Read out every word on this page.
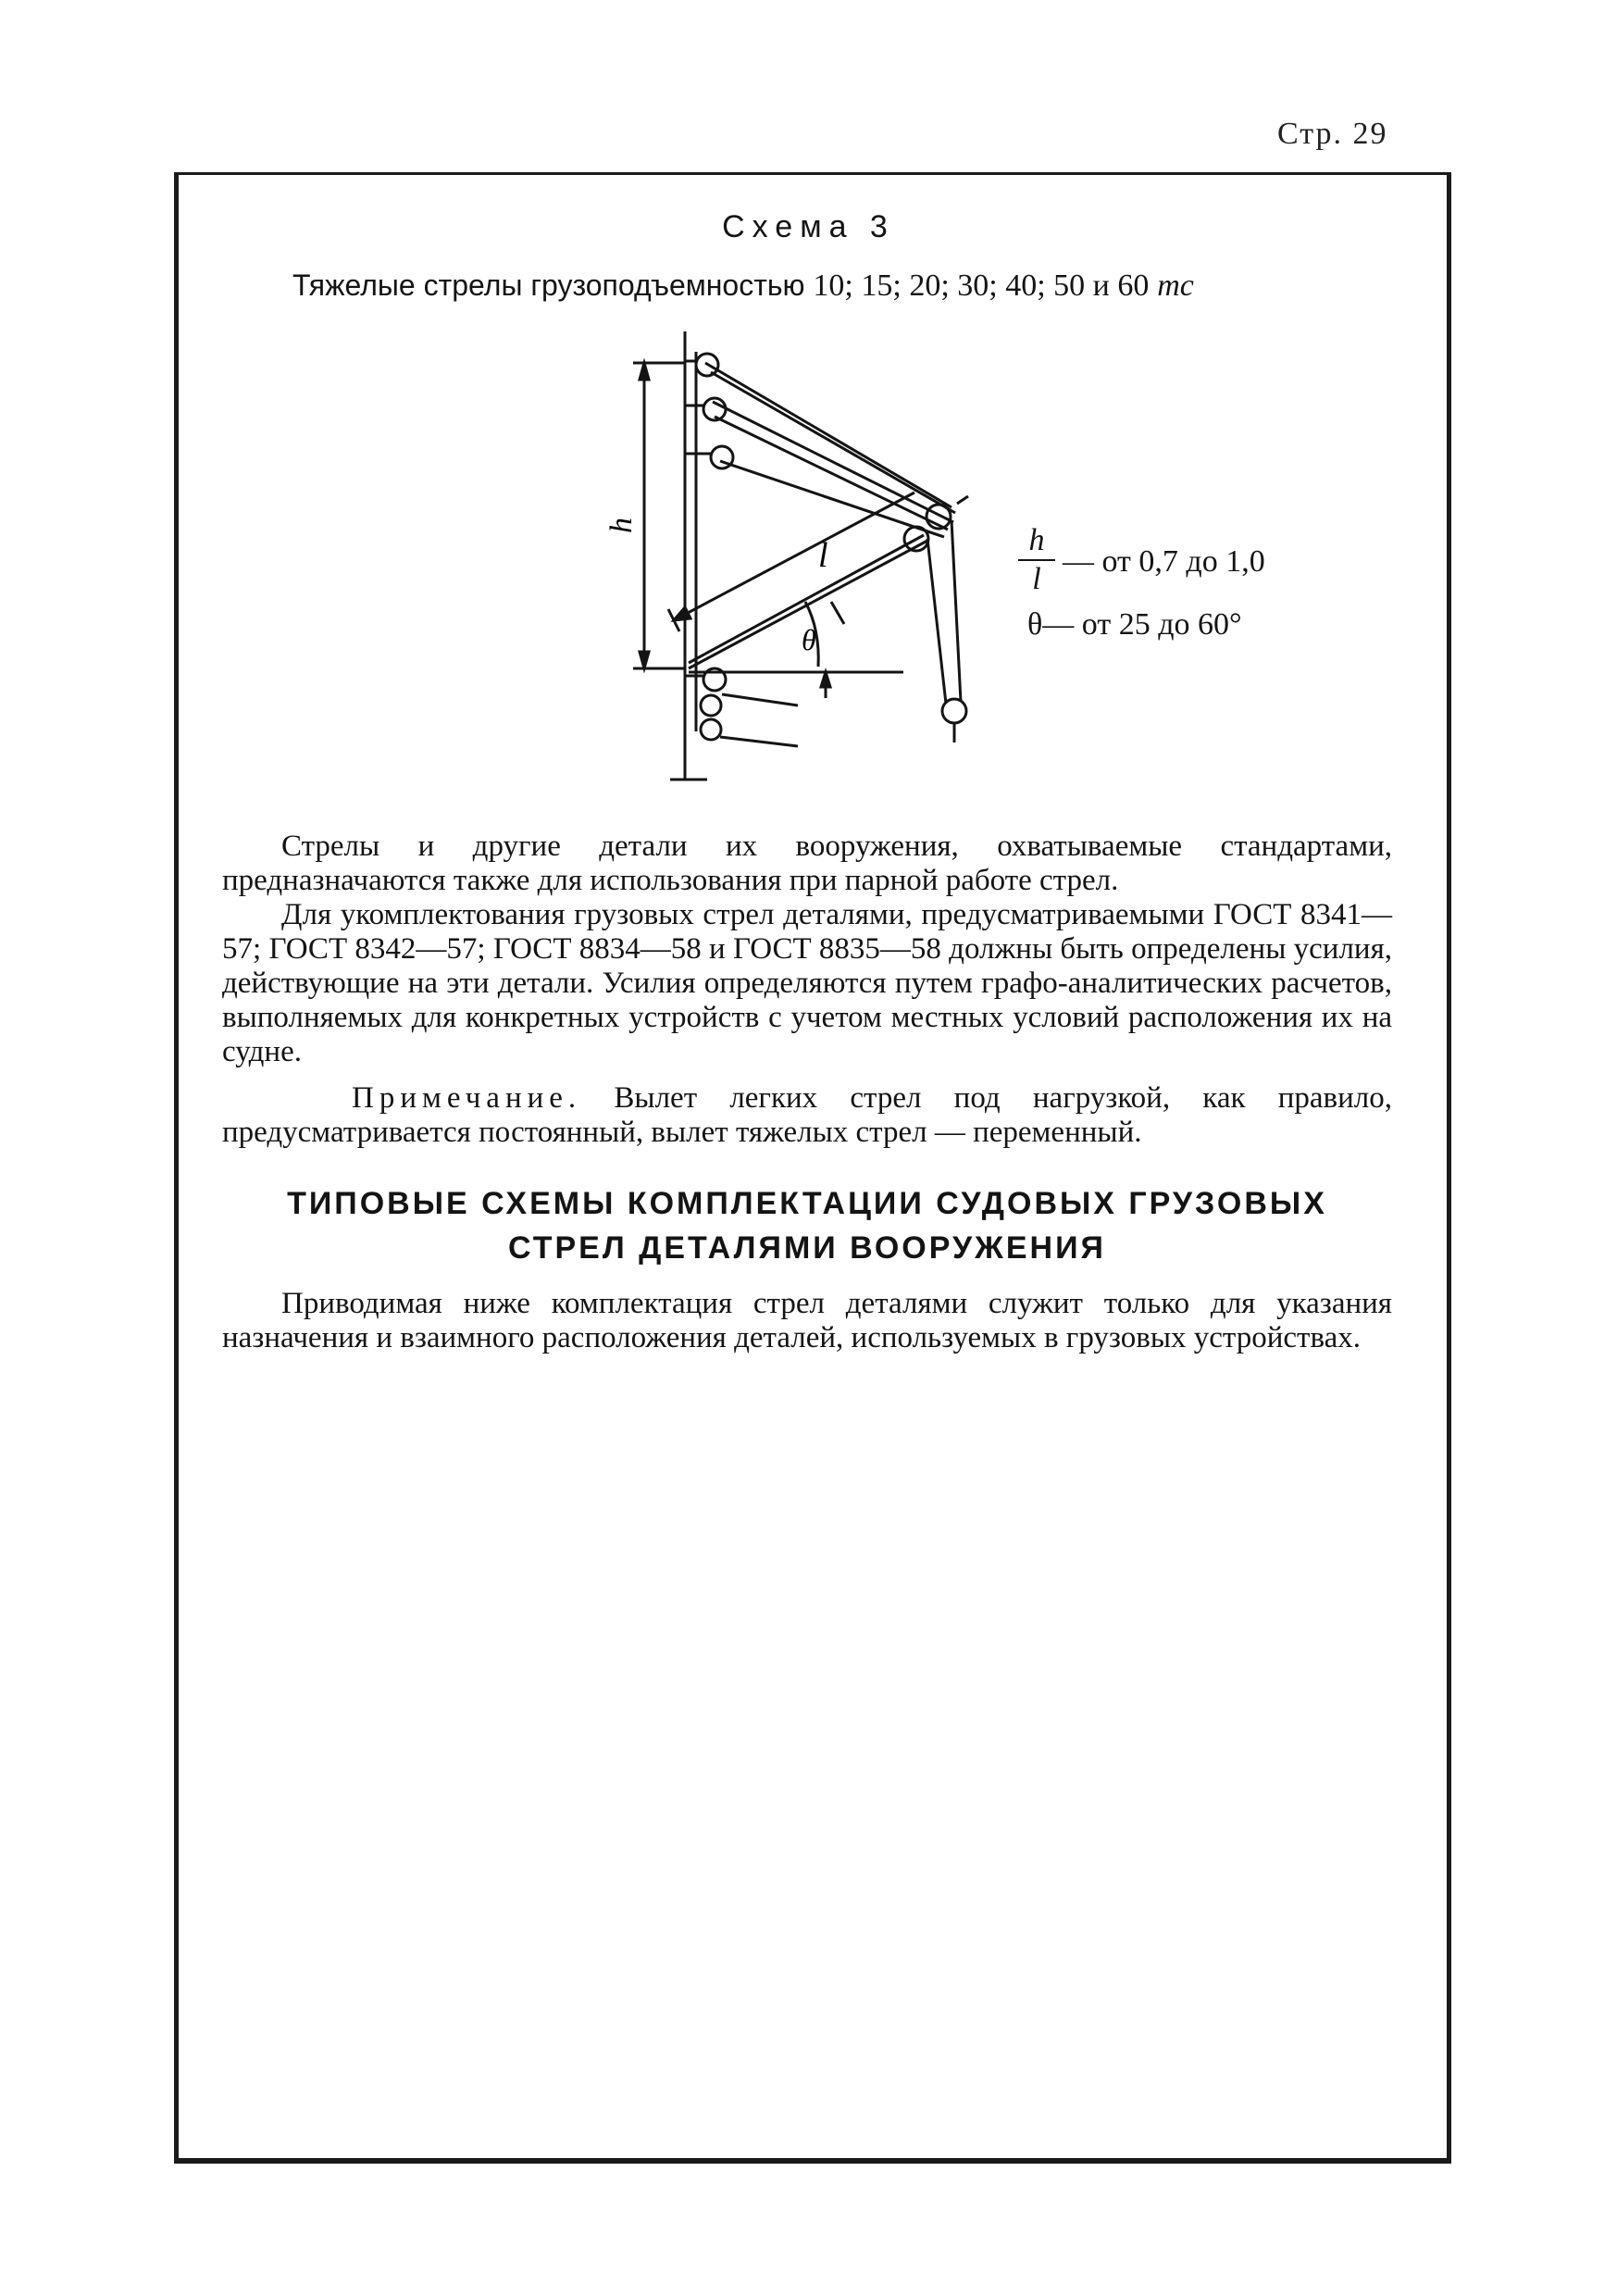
Стр. 29
Схема 3
Тяжелые стрелы грузоподъемностью 10; 15; 20; 30; 40; 50 и 60 тс
h
l
θ
h
l
— от 0,7 до 1,0
θ— от 25 до 60°
Стрелы и другие детали их вооружения, охватываемые стандартами, предназначаются также для использования при парной работе стрел.
Для укомплектования грузовых стрел деталями, предусматриваемыми ГОСТ 8341—57; ГОСТ 8342—57; ГОСТ 8834—58 и ГОСТ 8835—58 должны быть определены усилия, действующие на эти детали. Усилия определяются путем графо-аналитических расчетов, выполняемых для конкретных устройств с учетом местных условий расположения их на судне.
Примечание. Вылет легких стрел под нагрузкой, как правило, предусматривается постоянный, вылет тяжелых стрел — переменный.
ТИПОВЫЕ СХЕМЫ КОМПЛЕКТАЦИИ СУДОВЫХ ГРУЗОВЫХ
СТРЕЛ ДЕТАЛЯМИ ВООРУЖЕНИЯ
Приводимая ниже комплектация стрел деталями служит только для указания назначения и взаимного расположения деталей, используемых в грузовых устройствах.
